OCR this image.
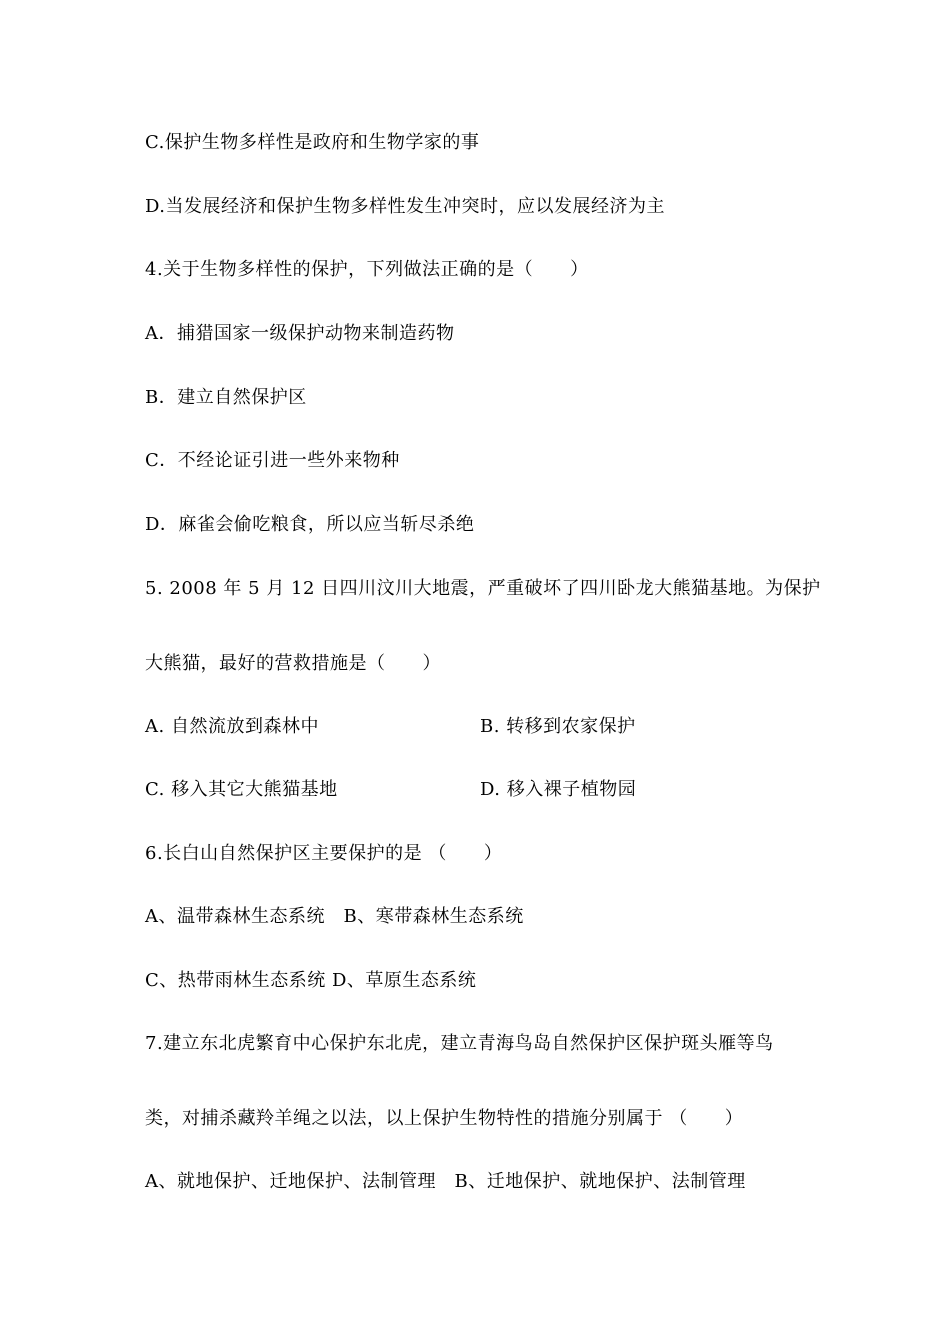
C.保护生物多样性是政府和生物学家的事
D.当发展经济和保护生物多样性发生冲突时，应以发展经济为主
4.关于生物多样性的保护，下列做法正确的是（　　）
A．捕猎国家一级保护动物来制造药物
B．建立自然保护区
C．不经论证引进一些外来物种
D．麻雀会偷吃粮食，所以应当斩尽杀绝
5. 2008 年 5 月 12 日四川汶川大地震，严重破坏了四川卧龙大熊猫基地。为保护
大熊猫，最好的营救措施是（　　）
A. 自然流放到森林中	B. 转移到农家保护
C. 移入其它大熊猫基地	D. 移入裸子植物园
6.长白山自然保护区主要保护的是 （　　）
A、温带森林生态系统　B、寒带森林生态系统
C、热带雨林生态系统 D、草原生态系统
7.建立东北虎繁育中心保护东北虎，建立青海鸟岛自然保护区保护斑头雁等鸟
类，对捕杀藏羚羊绳之以法，以上保护生物特性的措施分别属于 （　　）
A、就地保护、迁地保护、法制管理　B、迁地保护、就地保护、法制管理
